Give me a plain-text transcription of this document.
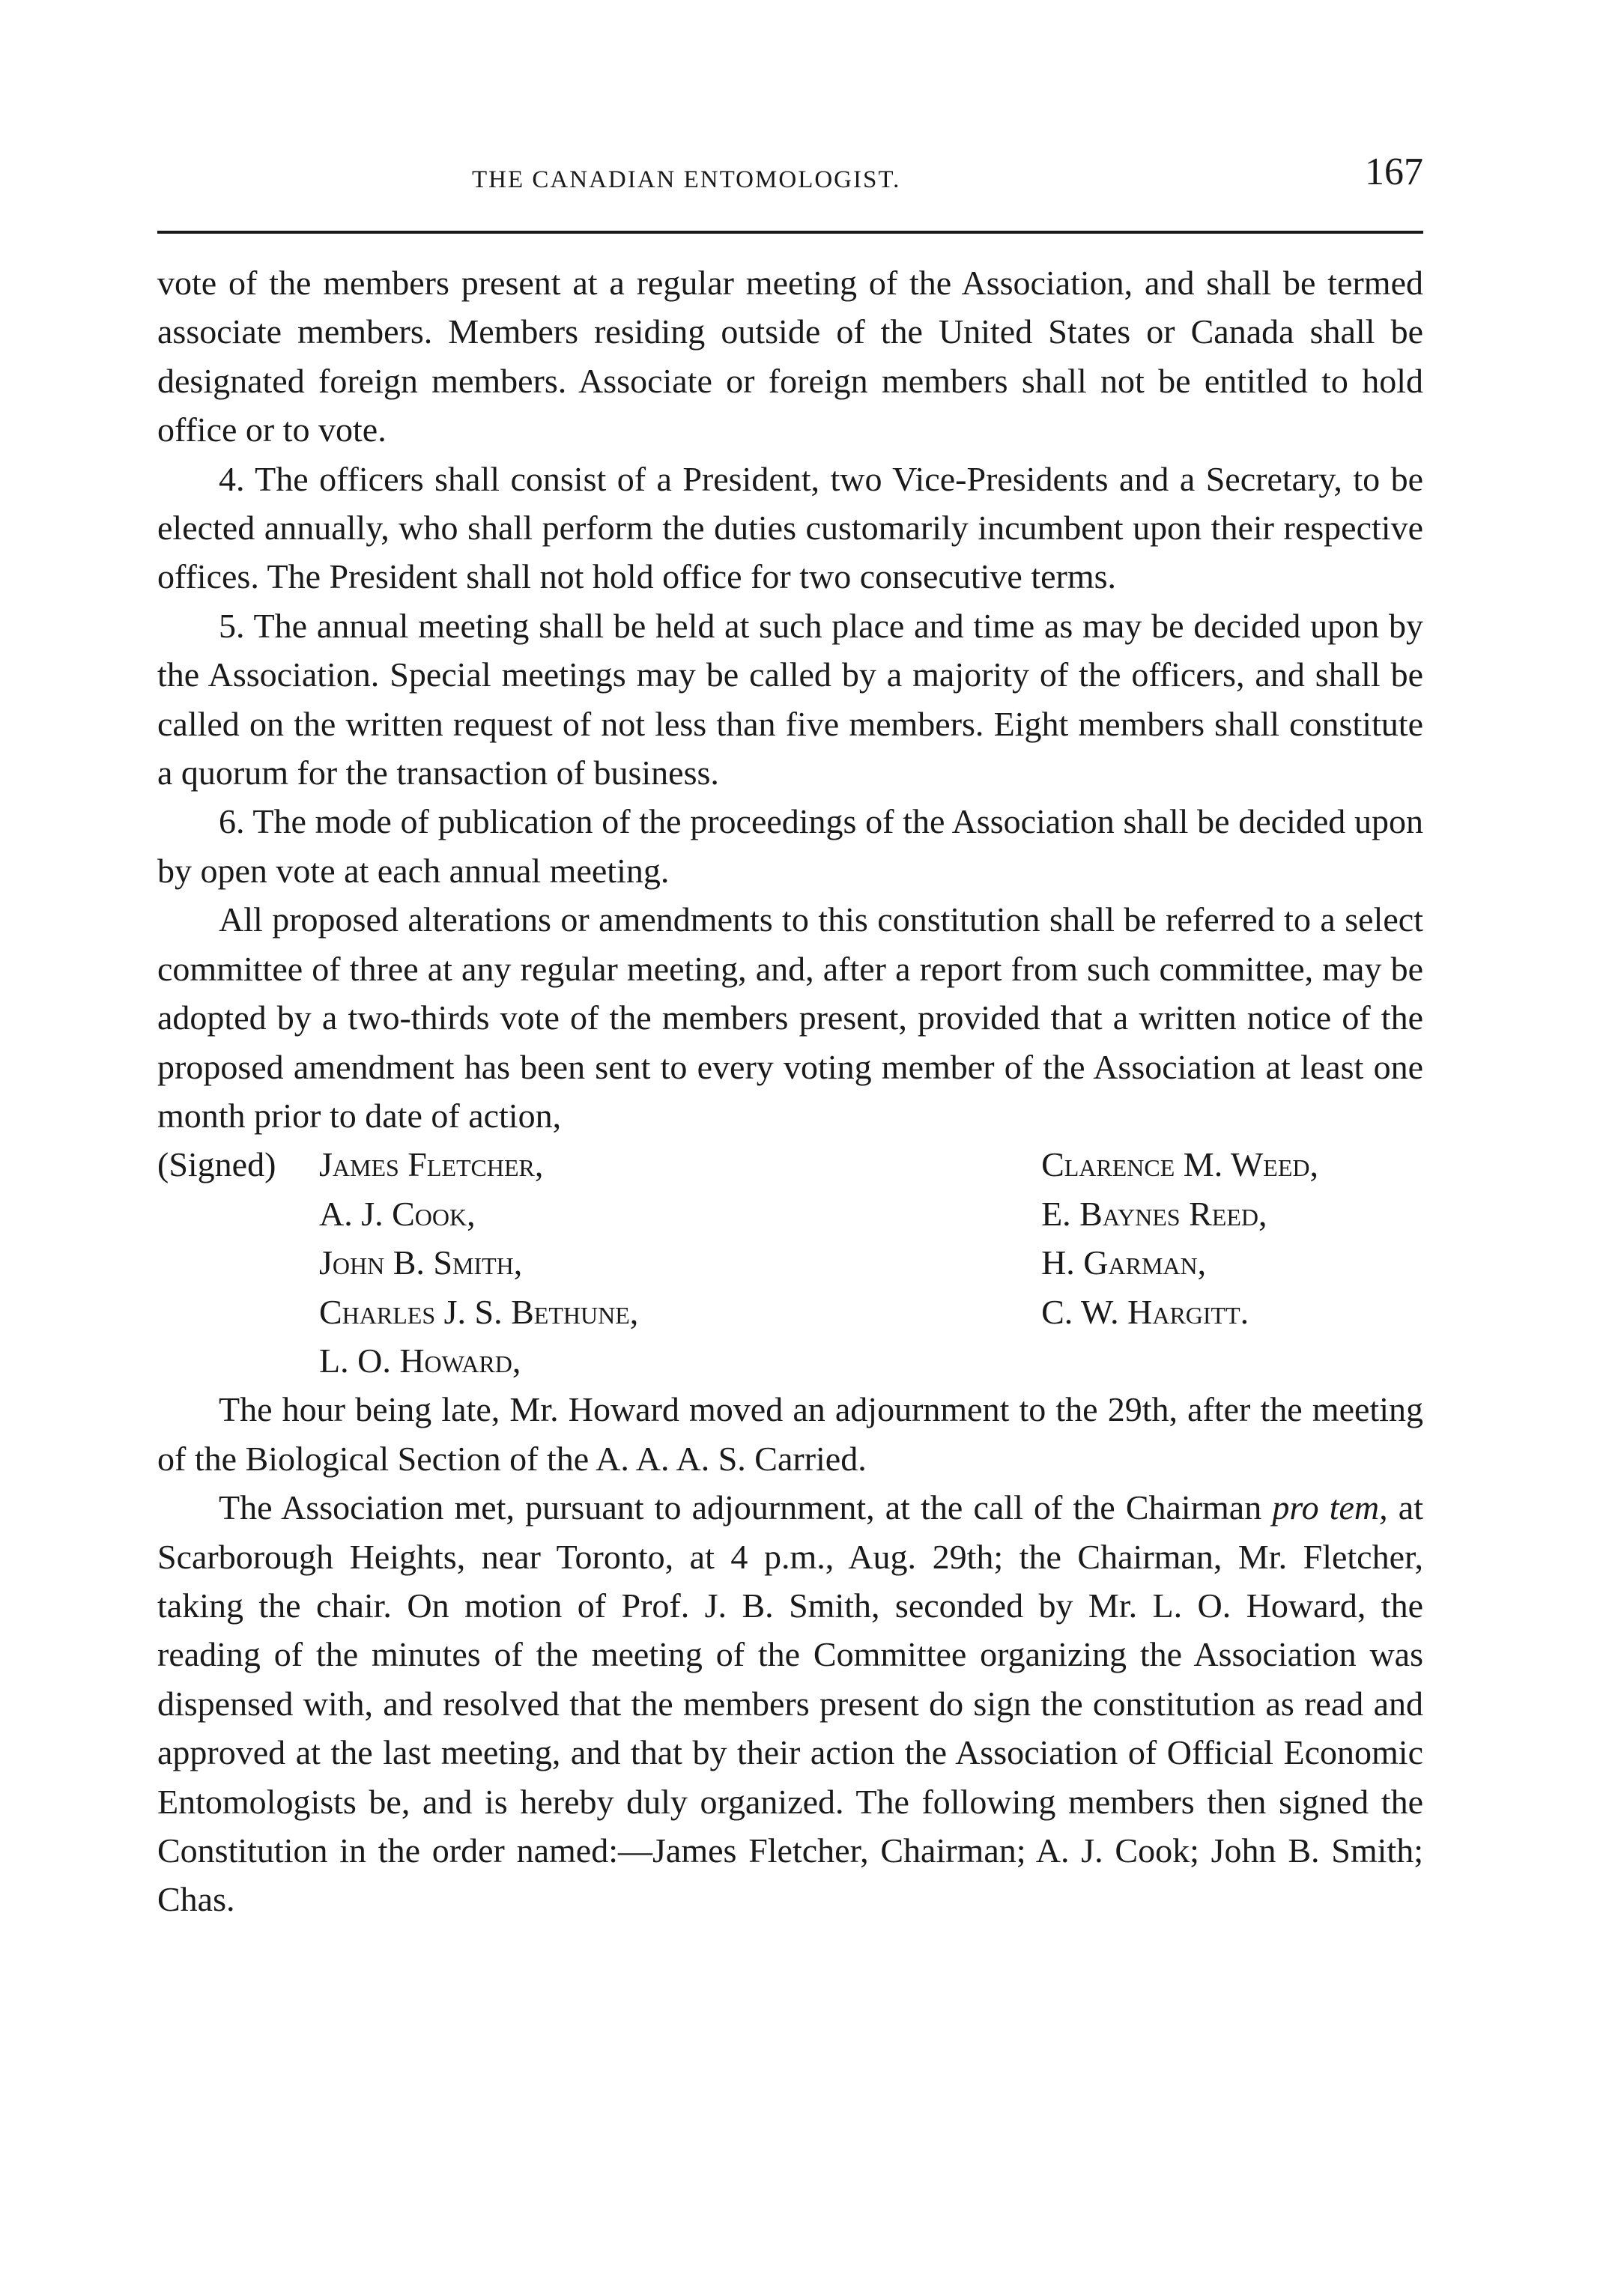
THE CANADIAN ENTOMOLOGIST.	167

vote of the members present at a regular meeting of the Association, and shall be termed associate members. Members residing outside of the United States or Canada shall be designated foreign members. Associate or foreign members shall not be entitled to hold office or to vote.

4. The officers shall consist of a President, two Vice-Presidents and a Secretary, to be elected annually, who shall perform the duties customarily incumbent upon their respective offices. The President shall not hold office for two consecutive terms.

5. The annual meeting shall be held at such place and time as may be decided upon by the Association. Special meetings may be called by a majority of the officers, and shall be called on the written request of not less than five members. Eight members shall constitute a quorum for the transaction of business.

6. The mode of publication of the proceedings of the Association shall be decided upon by open vote at each annual meeting.

All proposed alterations or amendments to this constitution shall be referred to a select committee of three at any regular meeting, and, after a report from such committee, may be adopted by a two-thirds vote of the members present, provided that a written notice of the proposed amendment has been sent to every voting member of the Association at least one month prior to date of action,

(Signed)	James Fletcher,
A. J. Cook,
John B. Smith,
Charles J. S. Bethune,
L. O. Howard,
Clarence M. Weed,
E. Baynes Reed,
H. Garman,
C. W. Hargitt.

The hour being late, Mr. Howard moved an adjournment to the 29th, after the meeting of the Biological Section of the A. A. A. S. Carried.

The Association met, pursuant to adjournment, at the call of the Chairman pro tem, at Scarborough Heights, near Toronto, at 4 p.m., Aug. 29th; the Chairman, Mr. Fletcher, taking the chair. On motion of Prof. J. B. Smith, seconded by Mr. L. O. Howard, the reading of the minutes of the meeting of the Committee organizing the Association was dispensed with, and resolved that the members present do sign the constitution as read and approved at the last meeting, and that by their action the Association of Official Economic Entomologists be, and is hereby duly organized. The following members then signed the Constitution in the order named:—James Fletcher, Chairman; A. J. Cook; John B. Smith; Chas.
